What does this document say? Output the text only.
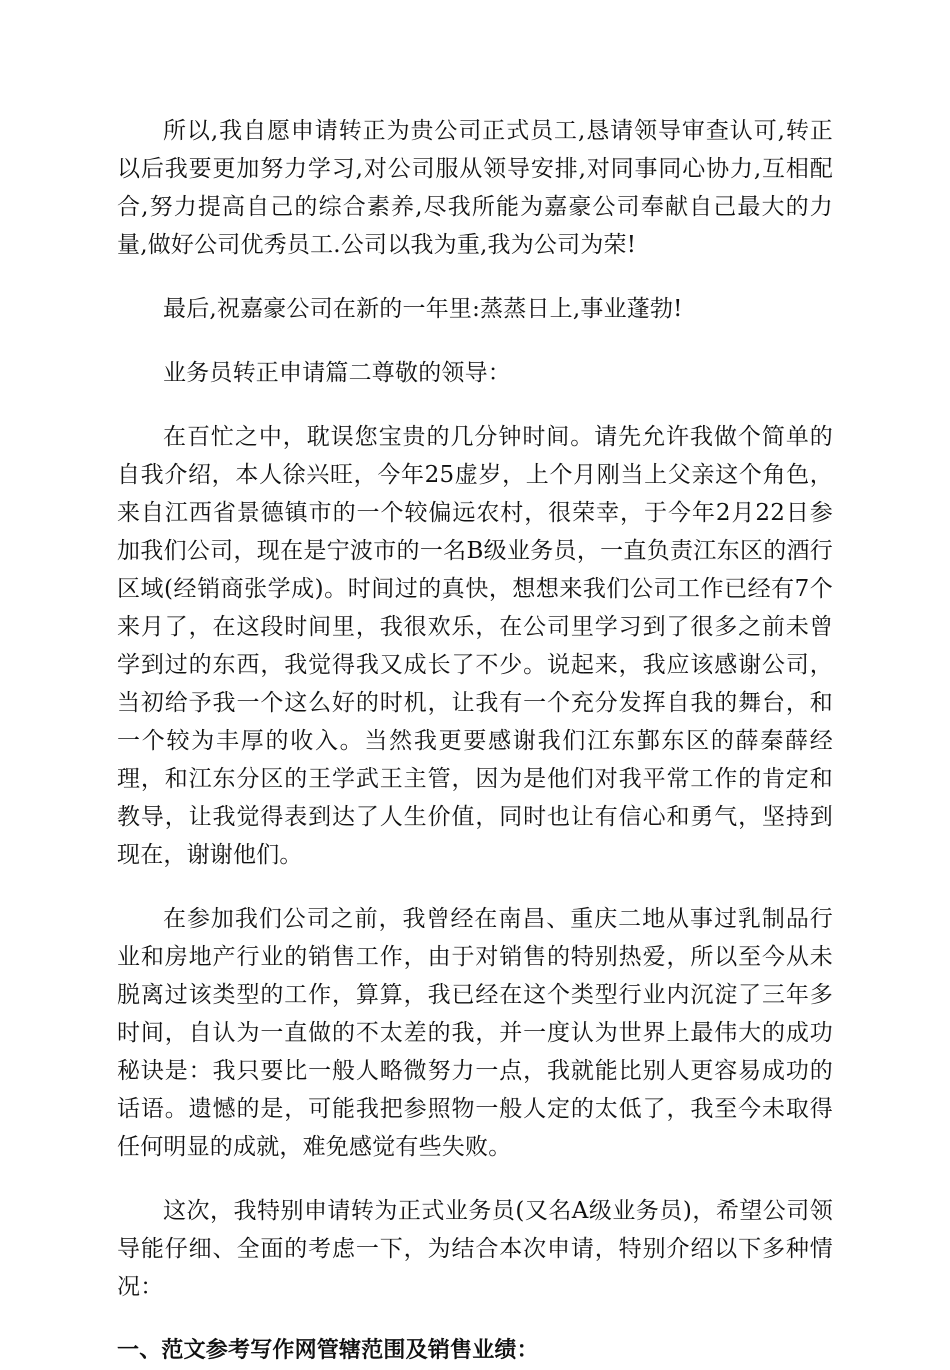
所以,我自愿申请转正为贵公司正式员工,恳请领导审查认可,转正以后我要更加努力学习,对公司服从领导安排,对同事同心协力,互相配合,努力提高自己的综合素养,尽我所能为嘉豪公司奉献自己最大的力量,做好公司优秀员工.公司以我为重,我为公司为荣!

最后,祝嘉豪公司在新的一年里:蒸蒸日上,事业蓬勃!

业务员转正申请篇二尊敬的领导：

在百忙之中，耽误您宝贵的几分钟时间。请先允许我做个简单的自我介绍，本人徐兴旺，今年25虚岁，上个月刚当上父亲这个角色，来自江西省景德镇市的一个较偏远农村，很荣幸，于今年2月22日参加我们公司，现在是宁波市的一名B级业务员，一直负责江东区的酒行区域(经销商张学成)。时间过的真快，想想来我们公司工作已经有7个来月了，在这段时间里，我很欢乐，在公司里学习到了很多之前未曾学到过的东西，我觉得我又成长了不少。说起来，我应该感谢公司，当初给予我一个这么好的时机，让我有一个充分发挥自我的舞台，和一个较为丰厚的收入。当然我更要感谢我们江东鄞东区的薛秦薛经理，和江东分区的王学武王主管，因为是他们对我平常工作的肯定和教导，让我觉得表到达了人生价值，同时也让有信心和勇气，坚持到现在，谢谢他们。

在参加我们公司之前，我曾经在南昌、重庆二地从事过乳制品行业和房地产行业的销售工作，由于对销售的特别热爱，所以至今从未脱离过该类型的工作，算算，我已经在这个类型行业内沉淀了三年多时间，自认为一直做的不太差的我，并一度认为世界上最伟大的成功秘诀是：我只要比一般人略微努力一点，我就能比别人更容易成功的话语。遗憾的是，可能我把参照物一般人定的太低了，我至今未取得任何明显的成就，难免感觉有些失败。

这次，我特别申请转为正式业务员(又名A级业务员)，希望公司领导能仔细、全面的考虑一下，为结合本次申请，特别介绍以下多种情况：

一、范文参考写作网管辖范围及销售业绩：
